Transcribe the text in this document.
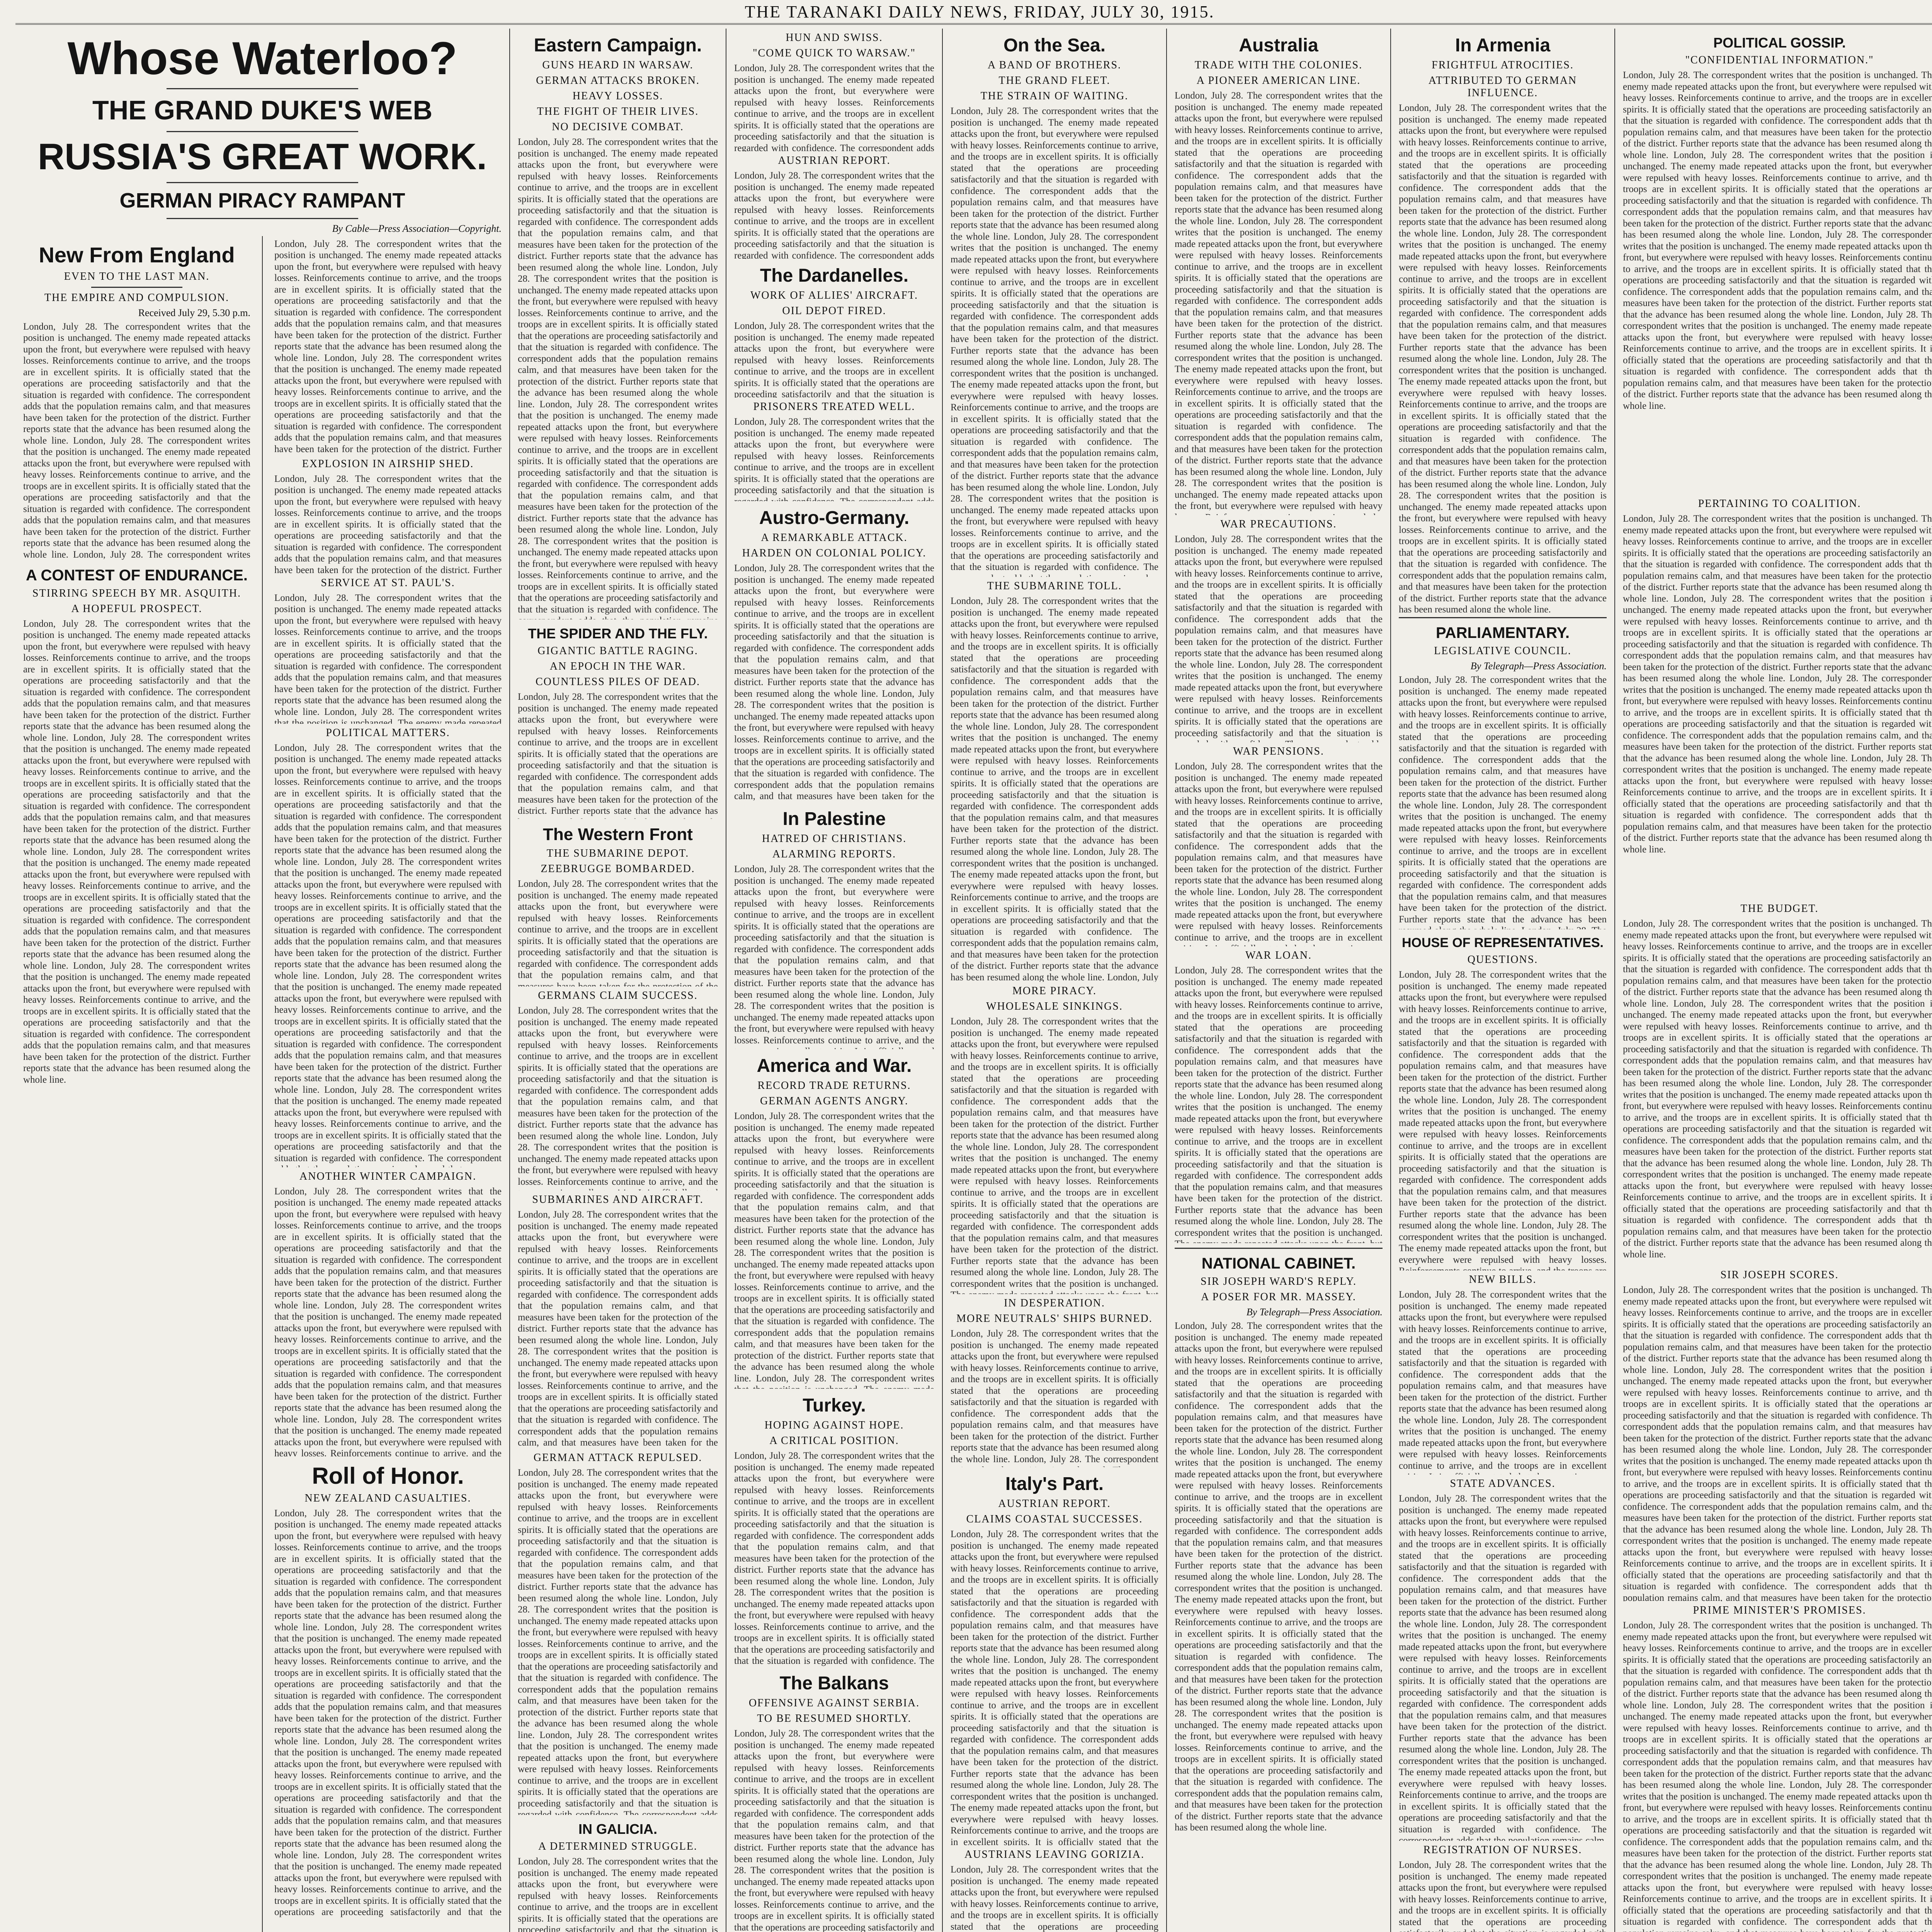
THE TARANAKI DAILY NEWS, FRIDAY, JULY 30, 1915.
Whose Waterloo?
THE GRAND DUKE'S WEB
RUSSIA'S GREAT WORK.
GERMAN PIRACY RAMPANT
By Cable—Press Association—Copyright.
New From England
EVEN TO THE LAST MAN.
THE EMPIRE AND COMPULSION.
Received July 29, 5.30 p.m.
London, July 28. The correspondent writes that the position is unchanged. The enemy made repeated attacks upon the front, but everywhere were repulsed with heavy losses. Reinforcements continue to arrive, and the troops are in excellent spirits. It is officially stated that the operations are proceeding satisfactorily and that the situation is regarded with confidence. The correspondent adds that the population remains calm, and that measures have been taken for the protection of the district. Further reports state that the advance has been resumed along the whole line. London, July 28. The correspondent writes that the position is unchanged. The enemy made repeated attacks upon the front, but everywhere were repulsed with heavy losses. Reinforcements continue to arrive, and the troops are in excellent spirits. It is officially stated that the operations are proceeding satisfactorily and that the situation is regarded with confidence. The correspondent adds that the population remains calm, and that measures have been taken for the protection of the district. Further reports state that the advance has been resumed along the whole line. London, July 28. The correspondent writes that the position is unchanged. The enemy made repeated attacks upon the front, but everywhere were repulsed with heavy losses. Reinforcements continue to arrive, and the troops are in excellent spirits. It is officially stated that the operations are proceeding satisfactorily and that the situation is regarded with confidence. The correspondent adds that the population remains calm, and that measures have been taken for the protection of the district. Further reports state that the advance has been resumed along the whole line. London, July 28. The correspondent writes that the position is unchanged. The enemy made repeated attacks upon the front, but everywhere were repulsed with heavy losses. Reinforcements continue to arrive, and the troops are in excellent spirits. It is officially stated that the operations are proceeding satisfactorily and that the situation is regarded with confidence. The correspondent adds that the population remains calm, and that measures have been taken for the protection of the district. Further reports state that the advance has been resumed along the whole line.
A CONTEST OF ENDURANCE.
STIRRING SPEECH BY MR. ASQUITH.
A HOPEFUL PROSPECT.
London, July 28. The correspondent writes that the position is unchanged. The enemy made repeated attacks upon the front, but everywhere were repulsed with heavy losses. Reinforcements continue to arrive, and the troops are in excellent spirits. It is officially stated that the operations are proceeding satisfactorily and that the situation is regarded with confidence. The correspondent adds that the population remains calm, and that measures have been taken for the protection of the district. Further reports state that the advance has been resumed along the whole line. London, July 28. The correspondent writes that the position is unchanged. The enemy made repeated attacks upon the front, but everywhere were repulsed with heavy losses. Reinforcements continue to arrive, and the troops are in excellent spirits. It is officially stated that the operations are proceeding satisfactorily and that the situation is regarded with confidence. The correspondent adds that the population remains calm, and that measures have been taken for the protection of the district. Further reports state that the advance has been resumed along the whole line. London, July 28. The correspondent writes that the position is unchanged. The enemy made repeated attacks upon the front, but everywhere were repulsed with heavy losses. Reinforcements continue to arrive, and the troops are in excellent spirits. It is officially stated that the operations are proceeding satisfactorily and that the situation is regarded with confidence. The correspondent adds that the population remains calm, and that measures have been taken for the protection of the district. Further reports state that the advance has been resumed along the whole line. London, July 28. The correspondent writes that the position is unchanged. The enemy made repeated attacks upon the front, but everywhere were repulsed with heavy losses. Reinforcements continue to arrive, and the troops are in excellent spirits. It is officially stated that the operations are proceeding satisfactorily and that the situation is regarded with confidence. The correspondent adds that the population remains calm, and that measures have been taken for the protection of the district. Further reports state that the advance has been resumed along the whole line.
London, July 28. The correspondent writes that the position is unchanged. The enemy made repeated attacks upon the front, but everywhere were repulsed with heavy losses. Reinforcements continue to arrive, and the troops are in excellent spirits. It is officially stated that the operations are proceeding satisfactorily and that the situation is regarded with confidence. The correspondent adds that the population remains calm, and that measures have been taken for the protection of the district. Further reports state that the advance has been resumed along the whole line. London, July 28. The correspondent writes that the position is unchanged. The enemy made repeated attacks upon the front, but everywhere were repulsed with heavy losses. Reinforcements continue to arrive, and the troops are in excellent spirits. It is officially stated that the operations are proceeding satisfactorily and that the situation is regarded with confidence. The correspondent adds that the population remains calm, and that measures have been taken for the protection of the district. Further reports state that the advance has been resumed along the whole line. London, July 28. The correspondent writes that the position is unchanged. The enemy made repeated attacks upon the front, but everywhere were repulsed with heavy losses. Reinforcements continue to arrive, and the troops are in excellent spirits. It is officially stated that the operations are proceeding satisfactorily and that the situation is regarded with confidence. The correspondent adds that the population remains calm, and that measures have been taken for the protection of the district. Further reports state that the advance has been resumed along the whole line. London, July 28. The correspondent writes that the position is unchanged. The enemy made repeated attacks upon the front, but everywhere were repulsed with heavy losses. Reinforcements continue to arrive, and the troops are in excellent spirits. It is officially stated that the operations are proceeding satisfactorily and that the situation is regarded with confidence. The correspondent adds that the population remains calm, and that measures have been taken for the protection of the district. Further reports state that the advance has been resumed along the whole line.
EXPLOSION IN AIRSHIP SHED.
London, July 28. The correspondent writes that the position is unchanged. The enemy made repeated attacks upon the front, but everywhere were repulsed with heavy losses. Reinforcements continue to arrive, and the troops are in excellent spirits. It is officially stated that the operations are proceeding satisfactorily and that the situation is regarded with confidence. The correspondent adds that the population remains calm, and that measures have been taken for the protection of the district. Further reports state that the advance has been resumed along the whole line. London, July 28. The correspondent writes that the position is unchanged. The enemy made repeated attacks upon the front, but everywhere were repulsed with heavy losses. Reinforcements continue to arrive, and the troops are in excellent spirits. It is officially stated that the operations are proceeding satisfactorily and that the situation is regarded with confidence. The correspondent adds that the population remains calm, and that measures have been taken for the protection of the district. Further reports state that the advance has been resumed along the whole line. London, July 28. The correspondent writes that the position is unchanged. The enemy made repeated attacks upon the front, but everywhere were repulsed with heavy losses. Reinforcements continue to arrive, and the troops are in excellent spirits. It is officially stated that the operations are proceeding satisfactorily and that the situation is regarded with confidence. The correspondent adds that the population remains calm, and that measures have been taken for the protection of the district. Further reports state that the advance has been resumed along the whole line. London, July 28. The correspondent writes that the position is unchanged. The enemy made repeated attacks upon the front, but everywhere were repulsed with heavy losses. Reinforcements continue to arrive, and the troops are in excellent spirits. It is officially stated that the operations are proceeding satisfactorily and that the situation is regarded with confidence. The correspondent adds that the population remains calm, and that measures have been taken for the protection of the district. Further reports state that the advance has been resumed along the whole line.
SERVICE AT ST. PAUL'S.
London, July 28. The correspondent writes that the position is unchanged. The enemy made repeated attacks upon the front, but everywhere were repulsed with heavy losses. Reinforcements continue to arrive, and the troops are in excellent spirits. It is officially stated that the operations are proceeding satisfactorily and that the situation is regarded with confidence. The correspondent adds that the population remains calm, and that measures have been taken for the protection of the district. Further reports state that the advance has been resumed along the whole line. London, July 28. The correspondent writes that the position is unchanged. The enemy made repeated attacks upon the front, but everywhere were repulsed with heavy losses. Reinforcements continue to arrive, and the troops are in excellent spirits. It is officially stated that the operations are proceeding satisfactorily and that the situation is regarded with confidence. The correspondent adds that the population remains calm, and that measures have been taken for the protection of the district. Further reports state that the advance has been resumed along the whole line. London, July 28. The correspondent writes that the position is unchanged. The enemy made repeated attacks upon the front, but everywhere were repulsed with heavy losses. Reinforcements continue to arrive, and the troops are in excellent spirits. It is officially stated that the operations are proceeding satisfactorily and that the situation is regarded with confidence. The correspondent adds that the population remains calm, and that measures have been taken for the protection of the district. Further reports state that the advance has been resumed along the whole line. London, July 28. The correspondent writes that the position is unchanged. The enemy made repeated attacks upon the front, but everywhere were repulsed with heavy losses. Reinforcements continue to arrive, and the troops are in excellent spirits. It is officially stated that the operations are proceeding satisfactorily and that the situation is regarded with confidence. The correspondent adds that the population remains calm, and that measures have been taken for the protection of the district. Further reports state that the advance has been resumed along the whole line.
POLITICAL MATTERS.
London, July 28. The correspondent writes that the position is unchanged. The enemy made repeated attacks upon the front, but everywhere were repulsed with heavy losses. Reinforcements continue to arrive, and the troops are in excellent spirits. It is officially stated that the operations are proceeding satisfactorily and that the situation is regarded with confidence. The correspondent adds that the population remains calm, and that measures have been taken for the protection of the district. Further reports state that the advance has been resumed along the whole line. London, July 28. The correspondent writes that the position is unchanged. The enemy made repeated attacks upon the front, but everywhere were repulsed with heavy losses. Reinforcements continue to arrive, and the troops are in excellent spirits. It is officially stated that the operations are proceeding satisfactorily and that the situation is regarded with confidence. The correspondent adds that the population remains calm, and that measures have been taken for the protection of the district. Further reports state that the advance has been resumed along the whole line. London, July 28. The correspondent writes that the position is unchanged. The enemy made repeated attacks upon the front, but everywhere were repulsed with heavy losses. Reinforcements continue to arrive, and the troops are in excellent spirits. It is officially stated that the operations are proceeding satisfactorily and that the situation is regarded with confidence. The correspondent adds that the population remains calm, and that measures have been taken for the protection of the district. Further reports state that the advance has been resumed along the whole line. London, July 28. The correspondent writes that the position is unchanged. The enemy made repeated attacks upon the front, but everywhere were repulsed with heavy losses. Reinforcements continue to arrive, and the troops are in excellent spirits. It is officially stated that the operations are proceeding satisfactorily and that the situation is regarded with confidence. The correspondent adds that the population remains calm, and that measures have been taken for the protection of the district. Further reports state that the advance has been resumed along the whole line.
ANOTHER WINTER CAMPAIGN.
London, July 28. The correspondent writes that the position is unchanged. The enemy made repeated attacks upon the front, but everywhere were repulsed with heavy losses. Reinforcements continue to arrive, and the troops are in excellent spirits. It is officially stated that the operations are proceeding satisfactorily and that the situation is regarded with confidence. The correspondent adds that the population remains calm, and that measures have been taken for the protection of the district. Further reports state that the advance has been resumed along the whole line. London, July 28. The correspondent writes that the position is unchanged. The enemy made repeated attacks upon the front, but everywhere were repulsed with heavy losses. Reinforcements continue to arrive, and the troops are in excellent spirits. It is officially stated that the operations are proceeding satisfactorily and that the situation is regarded with confidence. The correspondent adds that the population remains calm, and that measures have been taken for the protection of the district. Further reports state that the advance has been resumed along the whole line. London, July 28. The correspondent writes that the position is unchanged. The enemy made repeated attacks upon the front, but everywhere were repulsed with heavy losses. Reinforcements continue to arrive, and the troops are in excellent spirits. It is officially stated that the operations are proceeding satisfactorily and that the situation is regarded with confidence. The correspondent adds that the population remains calm, and that measures have been taken for the protection of the district. Further reports state that the advance has been resumed along the whole line. London, July 28. The correspondent writes that the position is unchanged. The enemy made repeated attacks upon the front, but everywhere were repulsed with heavy losses. Reinforcements continue to arrive, and the troops are in excellent spirits. It is officially stated that the operations are proceeding satisfactorily and that the situation is regarded with confidence. The correspondent adds that the population remains calm, and that measures have been taken for the protection of the district. Further reports state that the advance has been resumed along the whole line.
Roll of Honor.
NEW ZEALAND CASUALTIES.
London, July 28. The correspondent writes that the position is unchanged. The enemy made repeated attacks upon the front, but everywhere were repulsed with heavy losses. Reinforcements continue to arrive, and the troops are in excellent spirits. It is officially stated that the operations are proceeding satisfactorily and that the situation is regarded with confidence. The correspondent adds that the population remains calm, and that measures have been taken for the protection of the district. Further reports state that the advance has been resumed along the whole line. London, July 28. The correspondent writes that the position is unchanged. The enemy made repeated attacks upon the front, but everywhere were repulsed with heavy losses. Reinforcements continue to arrive, and the troops are in excellent spirits. It is officially stated that the operations are proceeding satisfactorily and that the situation is regarded with confidence. The correspondent adds that the population remains calm, and that measures have been taken for the protection of the district. Further reports state that the advance has been resumed along the whole line. London, July 28. The correspondent writes that the position is unchanged. The enemy made repeated attacks upon the front, but everywhere were repulsed with heavy losses. Reinforcements continue to arrive, and the troops are in excellent spirits. It is officially stated that the operations are proceeding satisfactorily and that the situation is regarded with confidence. The correspondent adds that the population remains calm, and that measures have been taken for the protection of the district. Further reports state that the advance has been resumed along the whole line. London, July 28. The correspondent writes that the position is unchanged. The enemy made repeated attacks upon the front, but everywhere were repulsed with heavy losses. Reinforcements continue to arrive, and the troops are in excellent spirits. It is officially stated that the operations are proceeding satisfactorily and that the situation is regarded with confidence. The correspondent adds that the population remains calm, and that measures have been taken for the protection of the district. Further reports state that the advance has been resumed along the whole line.
Eastern Campaign.
GUNS HEARD IN WARSAW.
GERMAN ATTACKS BROKEN.
HEAVY LOSSES.
THE FIGHT OF THEIR LIVES.
NO DECISIVE COMBAT.
London, July 28. The correspondent writes that the position is unchanged. The enemy made repeated attacks upon the front, but everywhere were repulsed with heavy losses. Reinforcements continue to arrive, and the troops are in excellent spirits. It is officially stated that the operations are proceeding satisfactorily and that the situation is regarded with confidence. The correspondent adds that the population remains calm, and that measures have been taken for the protection of the district. Further reports state that the advance has been resumed along the whole line. London, July 28. The correspondent writes that the position is unchanged. The enemy made repeated attacks upon the front, but everywhere were repulsed with heavy losses. Reinforcements continue to arrive, and the troops are in excellent spirits. It is officially stated that the operations are proceeding satisfactorily and that the situation is regarded with confidence. The correspondent adds that the population remains calm, and that measures have been taken for the protection of the district. Further reports state that the advance has been resumed along the whole line. London, July 28. The correspondent writes that the position is unchanged. The enemy made repeated attacks upon the front, but everywhere were repulsed with heavy losses. Reinforcements continue to arrive, and the troops are in excellent spirits. It is officially stated that the operations are proceeding satisfactorily and that the situation is regarded with confidence. The correspondent adds that the population remains calm, and that measures have been taken for the protection of the district. Further reports state that the advance has been resumed along the whole line. London, July 28. The correspondent writes that the position is unchanged. The enemy made repeated attacks upon the front, but everywhere were repulsed with heavy losses. Reinforcements continue to arrive, and the troops are in excellent spirits. It is officially stated that the operations are proceeding satisfactorily and that the situation is regarded with confidence. The correspondent adds that the population remains calm, and that measures have been taken for the protection of the district. Further reports state that the advance has been resumed along the whole line.
THE SPIDER AND THE FLY.
GIGANTIC BATTLE RAGING.
AN EPOCH IN THE WAR.
COUNTLESS PILES OF DEAD.
London, July 28. The correspondent writes that the position is unchanged. The enemy made repeated attacks upon the front, but everywhere were repulsed with heavy losses. Reinforcements continue to arrive, and the troops are in excellent spirits. It is officially stated that the operations are proceeding satisfactorily and that the situation is regarded with confidence. The correspondent adds that the population remains calm, and that measures have been taken for the protection of the district. Further reports state that the advance has been resumed along the whole line. London, July 28. The correspondent writes that the position is unchanged. The enemy made repeated attacks upon the front, but everywhere were repulsed with heavy losses. Reinforcements continue to arrive, and the troops are in excellent spirits. It is officially stated that the operations are proceeding satisfactorily and that the situation is regarded with confidence. The correspondent adds that the population remains calm, and that measures have been taken for the protection of the district. Further reports state that the advance has been resumed along the whole line. London, July 28. The correspondent writes that the position is unchanged. The enemy made repeated attacks upon the front, but everywhere were repulsed with heavy losses. Reinforcements continue to arrive, and the troops are in excellent spirits. It is officially stated that the operations are proceeding satisfactorily and that the situation is regarded with confidence. The correspondent adds that the population remains calm, and that measures have been taken for the protection of the district. Further reports state that the advance has been resumed along the whole line. London, July 28. The correspondent writes that the position is unchanged. The enemy made repeated attacks upon the front, but everywhere were repulsed with heavy losses. Reinforcements continue to arrive, and the troops are in excellent spirits. It is officially stated that the operations are proceeding satisfactorily and that the situation is regarded with confidence. The correspondent adds that the population remains calm, and that measures have been taken for the protection of the district. Further reports state that the advance has been resumed along the whole line.
The Western Front
THE SUBMARINE DEPOT.
ZEEBRUGGE BOMBARDED.
London, July 28. The correspondent writes that the position is unchanged. The enemy made repeated attacks upon the front, but everywhere were repulsed with heavy losses. Reinforcements continue to arrive, and the troops are in excellent spirits. It is officially stated that the operations are proceeding satisfactorily and that the situation is regarded with confidence. The correspondent adds that the population remains calm, and that measures have been taken for the protection of the district. Further reports state that the advance has been resumed along the whole line. London, July 28. The correspondent writes that the position is unchanged. The enemy made repeated attacks upon the front, but everywhere were repulsed with heavy losses. Reinforcements continue to arrive, and the troops are in excellent spirits. It is officially stated that the operations are proceeding satisfactorily and that the situation is regarded with confidence. The correspondent adds that the population remains calm, and that measures have been taken for the protection of the district. Further reports state that the advance has been resumed along the whole line. London, July 28. The correspondent writes that the position is unchanged. The enemy made repeated attacks upon the front, but everywhere were repulsed with heavy losses. Reinforcements continue to arrive, and the troops are in excellent spirits. It is officially stated that the operations are proceeding satisfactorily and that the situation is regarded with confidence. The correspondent adds that the population remains calm, and that measures have been taken for the protection of the district. Further reports state that the advance has been resumed along the whole line. London, July 28. The correspondent writes that the position is unchanged. The enemy made repeated attacks upon the front, but everywhere were repulsed with heavy losses. Reinforcements continue to arrive, and the troops are in excellent spirits. It is officially stated that the operations are proceeding satisfactorily and that the situation is regarded with confidence. The correspondent adds that the population remains calm, and that measures have been taken for the protection of the district. Further reports state that the advance has been resumed along the whole line.
GERMANS CLAIM SUCCESS.
London, July 28. The correspondent writes that the position is unchanged. The enemy made repeated attacks upon the front, but everywhere were repulsed with heavy losses. Reinforcements continue to arrive, and the troops are in excellent spirits. It is officially stated that the operations are proceeding satisfactorily and that the situation is regarded with confidence. The correspondent adds that the population remains calm, and that measures have been taken for the protection of the district. Further reports state that the advance has been resumed along the whole line. London, July 28. The correspondent writes that the position is unchanged. The enemy made repeated attacks upon the front, but everywhere were repulsed with heavy losses. Reinforcements continue to arrive, and the troops are in excellent spirits. It is officially stated that the operations are proceeding satisfactorily and that the situation is regarded with confidence. The correspondent adds that the population remains calm, and that measures have been taken for the protection of the district. Further reports state that the advance has been resumed along the whole line. London, July 28. The correspondent writes that the position is unchanged. The enemy made repeated attacks upon the front, but everywhere were repulsed with heavy losses. Reinforcements continue to arrive, and the troops are in excellent spirits. It is officially stated that the operations are proceeding satisfactorily and that the situation is regarded with confidence. The correspondent adds that the population remains calm, and that measures have been taken for the protection of the district. Further reports state that the advance has been resumed along the whole line. London, July 28. The correspondent writes that the position is unchanged. The enemy made repeated attacks upon the front, but everywhere were repulsed with heavy losses. Reinforcements continue to arrive, and the troops are in excellent spirits. It is officially stated that the operations are proceeding satisfactorily and that the situation is regarded with confidence. The correspondent adds that the population remains calm, and that measures have been taken for the protection of the district. Further reports state that the advance has been resumed along the whole line.
SUBMARINES AND AIRCRAFT.
London, July 28. The correspondent writes that the position is unchanged. The enemy made repeated attacks upon the front, but everywhere were repulsed with heavy losses. Reinforcements continue to arrive, and the troops are in excellent spirits. It is officially stated that the operations are proceeding satisfactorily and that the situation is regarded with confidence. The correspondent adds that the population remains calm, and that measures have been taken for the protection of the district. Further reports state that the advance has been resumed along the whole line. London, July 28. The correspondent writes that the position is unchanged. The enemy made repeated attacks upon the front, but everywhere were repulsed with heavy losses. Reinforcements continue to arrive, and the troops are in excellent spirits. It is officially stated that the operations are proceeding satisfactorily and that the situation is regarded with confidence. The correspondent adds that the population remains calm, and that measures have been taken for the protection of the district. Further reports state that the advance has been resumed along the whole line. London, July 28. The correspondent writes that the position is unchanged. The enemy made repeated attacks upon the front, but everywhere were repulsed with heavy losses. Reinforcements continue to arrive, and the troops are in excellent spirits. It is officially stated that the operations are proceeding satisfactorily and that the situation is regarded with confidence. The correspondent adds that the population remains calm, and that measures have been taken for the protection of the district. Further reports state that the advance has been resumed along the whole line. London, July 28. The correspondent writes that the position is unchanged. The enemy made repeated attacks upon the front, but everywhere were repulsed with heavy losses. Reinforcements continue to arrive, and the troops are in excellent spirits. It is officially stated that the operations are proceeding satisfactorily and that the situation is regarded with confidence. The correspondent adds that the population remains calm, and that measures have been taken for the protection of the district. Further reports state that the advance has been resumed along the whole line.
GERMAN ATTACK REPULSED.
London, July 28. The correspondent writes that the position is unchanged. The enemy made repeated attacks upon the front, but everywhere were repulsed with heavy losses. Reinforcements continue to arrive, and the troops are in excellent spirits. It is officially stated that the operations are proceeding satisfactorily and that the situation is regarded with confidence. The correspondent adds that the population remains calm, and that measures have been taken for the protection of the district. Further reports state that the advance has been resumed along the whole line. London, July 28. The correspondent writes that the position is unchanged. The enemy made repeated attacks upon the front, but everywhere were repulsed with heavy losses. Reinforcements continue to arrive, and the troops are in excellent spirits. It is officially stated that the operations are proceeding satisfactorily and that the situation is regarded with confidence. The correspondent adds that the population remains calm, and that measures have been taken for the protection of the district. Further reports state that the advance has been resumed along the whole line. London, July 28. The correspondent writes that the position is unchanged. The enemy made repeated attacks upon the front, but everywhere were repulsed with heavy losses. Reinforcements continue to arrive, and the troops are in excellent spirits. It is officially stated that the operations are proceeding satisfactorily and that the situation is regarded with confidence. The correspondent adds that the population remains calm, and that measures have been taken for the protection of the district. Further reports state that the advance has been resumed along the whole line. London, July 28. The correspondent writes that the position is unchanged. The enemy made repeated attacks upon the front, but everywhere were repulsed with heavy losses. Reinforcements continue to arrive, and the troops are in excellent spirits. It is officially stated that the operations are proceeding satisfactorily and that the situation is regarded with confidence. The correspondent adds that the population remains calm, and that measures have been taken for the protection of the district. Further reports state that the advance has been resumed along the whole line.
IN GALICIA.
A DETERMINED STRUGGLE.
London, July 28. The correspondent writes that the position is unchanged. The enemy made repeated attacks upon the front, but everywhere were repulsed with heavy losses. Reinforcements continue to arrive, and the troops are in excellent spirits. It is officially stated that the operations are proceeding satisfactorily and that the situation is regarded with confidence. The correspondent adds that the population remains calm, and that measures have been taken for the protection of the district. Further reports state that the advance has been resumed along the whole line. London, July 28. The correspondent writes that the position is unchanged. The enemy made repeated attacks upon the front, but everywhere were repulsed with heavy losses. Reinforcements continue to arrive, and the troops are in excellent spirits. It is officially stated that the operations are proceeding satisfactorily and that the situation is regarded with confidence. The correspondent adds that the population remains calm, and that measures have been taken for the protection of the district. Further reports state that the advance has been resumed along the whole line. London, July 28. The correspondent writes that the position is unchanged. The enemy made repeated attacks upon the front, but everywhere were repulsed with heavy losses. Reinforcements continue to arrive, and the troops are in excellent spirits. It is officially stated that the operations are proceeding satisfactorily and that the situation is regarded with confidence. The correspondent adds that the population remains calm, and that measures have been taken for the protection of the district. Further reports state that the advance has been resumed along the whole line. London, July 28. The correspondent writes that the position is unchanged. The enemy made repeated attacks upon the front, but everywhere were repulsed with heavy losses. Reinforcements continue to arrive, and the troops are in excellent spirits. It is officially stated that the operations are proceeding satisfactorily and that the situation is regarded with confidence. The correspondent adds that the population remains calm, and that measures have been taken for the protection of the district. Further reports state that the advance has been resumed along the whole line.
HUN AND SWISS.
"COME QUICK TO WARSAW."
London, July 28. The correspondent writes that the position is unchanged. The enemy made repeated attacks upon the front, but everywhere were repulsed with heavy losses. Reinforcements continue to arrive, and the troops are in excellent spirits. It is officially stated that the operations are proceeding satisfactorily and that the situation is regarded with confidence. The correspondent adds that the population remains calm, and that measures have been taken for the protection of the district. Further reports state that the advance has been resumed along the whole line. London, July 28. The correspondent writes that the position is unchanged. The enemy made repeated attacks upon the front, but everywhere were repulsed with heavy losses. Reinforcements continue to arrive, and the troops are in excellent spirits. It is officially stated that the operations are proceeding satisfactorily and that the situation is regarded with confidence. The correspondent adds that the population remains calm, and that measures have been taken for the protection of the district. Further reports state that the advance has been resumed along the whole line. London, July 28. The correspondent writes that the position is unchanged. The enemy made repeated attacks upon the front, but everywhere were repulsed with heavy losses. Reinforcements continue to arrive, and the troops are in excellent spirits. It is officially stated that the operations are proceeding satisfactorily and that the situation is regarded with confidence. The correspondent adds that the population remains calm, and that measures have been taken for the protection of the district. Further reports state that the advance has been resumed along the whole line. London, July 28. The correspondent writes that the position is unchanged. The enemy made repeated attacks upon the front, but everywhere were repulsed with heavy losses. Reinforcements continue to arrive, and the troops are in excellent spirits. It is officially stated that the operations are proceeding satisfactorily and that the situation is regarded with confidence. The correspondent adds that the population remains calm, and that measures have been taken for the protection of the district. Further reports state that the advance has been resumed along the whole line.
AUSTRIAN REPORT.
London, July 28. The correspondent writes that the position is unchanged. The enemy made repeated attacks upon the front, but everywhere were repulsed with heavy losses. Reinforcements continue to arrive, and the troops are in excellent spirits. It is officially stated that the operations are proceeding satisfactorily and that the situation is regarded with confidence. The correspondent adds that the population remains calm, and that measures have been taken for the protection of the district. Further reports state that the advance has been resumed along the whole line. London, July 28. The correspondent writes that the position is unchanged. The enemy made repeated attacks upon the front, but everywhere were repulsed with heavy losses. Reinforcements continue to arrive, and the troops are in excellent spirits. It is officially stated that the operations are proceeding satisfactorily and that the situation is regarded with confidence. The correspondent adds that the population remains calm, and that measures have been taken for the protection of the district. Further reports state that the advance has been resumed along the whole line. London, July 28. The correspondent writes that the position is unchanged. The enemy made repeated attacks upon the front, but everywhere were repulsed with heavy losses. Reinforcements continue to arrive, and the troops are in excellent spirits. It is officially stated that the operations are proceeding satisfactorily and that the situation is regarded with confidence. The correspondent adds that the population remains calm, and that measures have been taken for the protection of the district. Further reports state that the advance has been resumed along the whole line. London, July 28. The correspondent writes that the position is unchanged. The enemy made repeated attacks upon the front, but everywhere were repulsed with heavy losses. Reinforcements continue to arrive, and the troops are in excellent spirits. It is officially stated that the operations are proceeding satisfactorily and that the situation is regarded with confidence. The correspondent adds that the population remains calm, and that measures have been taken for the protection of the district. Further reports state that the advance has been resumed along the whole line.
The Dardanelles.
WORK OF ALLIES' AIRCRAFT.
OIL DEPOT FIRED.
London, July 28. The correspondent writes that the position is unchanged. The enemy made repeated attacks upon the front, but everywhere were repulsed with heavy losses. Reinforcements continue to arrive, and the troops are in excellent spirits. It is officially stated that the operations are proceeding satisfactorily and that the situation is regarded with confidence. The correspondent adds that the population remains calm, and that measures have been taken for the protection of the district. Further reports state that the advance has been resumed along the whole line. London, July 28. The correspondent writes that the position is unchanged. The enemy made repeated attacks upon the front, but everywhere were repulsed with heavy losses. Reinforcements continue to arrive, and the troops are in excellent spirits. It is officially stated that the operations are proceeding satisfactorily and that the situation is regarded with confidence. The correspondent adds that the population remains calm, and that measures have been taken for the protection of the district. Further reports state that the advance has been resumed along the whole line. London, July 28. The correspondent writes that the position is unchanged. The enemy made repeated attacks upon the front, but everywhere were repulsed with heavy losses. Reinforcements continue to arrive, and the troops are in excellent spirits. It is officially stated that the operations are proceeding satisfactorily and that the situation is regarded with confidence. The correspondent adds that the population remains calm, and that measures have been taken for the protection of the district. Further reports state that the advance has been resumed along the whole line. London, July 28. The correspondent writes that the position is unchanged. The enemy made repeated attacks upon the front, but everywhere were repulsed with heavy losses. Reinforcements continue to arrive, and the troops are in excellent spirits. It is officially stated that the operations are proceeding satisfactorily and that the situation is regarded with confidence. The correspondent adds that the population remains calm, and that measures have been taken for the protection of the district. Further reports state that the advance has been resumed along the whole line.
PRISONERS TREATED WELL.
London, July 28. The correspondent writes that the position is unchanged. The enemy made repeated attacks upon the front, but everywhere were repulsed with heavy losses. Reinforcements continue to arrive, and the troops are in excellent spirits. It is officially stated that the operations are proceeding satisfactorily and that the situation is regarded with confidence. The correspondent adds that the population remains calm, and that measures have been taken for the protection of the district. Further reports state that the advance has been resumed along the whole line. London, July 28. The correspondent writes that the position is unchanged. The enemy made repeated attacks upon the front, but everywhere were repulsed with heavy losses. Reinforcements continue to arrive, and the troops are in excellent spirits. It is officially stated that the operations are proceeding satisfactorily and that the situation is regarded with confidence. The correspondent adds that the population remains calm, and that measures have been taken for the protection of the district. Further reports state that the advance has been resumed along the whole line. London, July 28. The correspondent writes that the position is unchanged. The enemy made repeated attacks upon the front, but everywhere were repulsed with heavy losses. Reinforcements continue to arrive, and the troops are in excellent spirits. It is officially stated that the operations are proceeding satisfactorily and that the situation is regarded with confidence. The correspondent adds that the population remains calm, and that measures have been taken for the protection of the district. Further reports state that the advance has been resumed along the whole line. London, July 28. The correspondent writes that the position is unchanged. The enemy made repeated attacks upon the front, but everywhere were repulsed with heavy losses. Reinforcements continue to arrive, and the troops are in excellent spirits. It is officially stated that the operations are proceeding satisfactorily and that the situation is regarded with confidence. The correspondent adds that the population remains calm, and that measures have been taken for the protection of the district. Further reports state that the advance has been resumed along the whole line.
Austro-Germany.
A REMARKABLE ATTACK.
HARDEN ON COLONIAL POLICY.
London, July 28. The correspondent writes that the position is unchanged. The enemy made repeated attacks upon the front, but everywhere were repulsed with heavy losses. Reinforcements continue to arrive, and the troops are in excellent spirits. It is officially stated that the operations are proceeding satisfactorily and that the situation is regarded with confidence. The correspondent adds that the population remains calm, and that measures have been taken for the protection of the district. Further reports state that the advance has been resumed along the whole line. London, July 28. The correspondent writes that the position is unchanged. The enemy made repeated attacks upon the front, but everywhere were repulsed with heavy losses. Reinforcements continue to arrive, and the troops are in excellent spirits. It is officially stated that the operations are proceeding satisfactorily and that the situation is regarded with confidence. The correspondent adds that the population remains calm, and that measures have been taken for the protection of the district. Further reports state that the advance has been resumed along the whole line. London, July 28. The correspondent writes that the position is unchanged. The enemy made repeated attacks upon the front, but everywhere were repulsed with heavy losses. Reinforcements continue to arrive, and the troops are in excellent spirits. It is officially stated that the operations are proceeding satisfactorily and that the situation is regarded with confidence. The correspondent adds that the population remains calm, and that measures have been taken for the protection of the district. Further reports state that the advance has been resumed along the whole line. London, July 28. The correspondent writes that the position is unchanged. The enemy made repeated attacks upon the front, but everywhere were repulsed with heavy losses. Reinforcements continue to arrive, and the troops are in excellent spirits. It is officially stated that the operations are proceeding satisfactorily and that the situation is regarded with confidence. The correspondent adds that the population remains calm, and that measures have been taken for the protection of the district. Further reports state that the advance has been resumed along the whole line.
In Palestine
HATRED OF CHRISTIANS.
ALARMING REPORTS.
London, July 28. The correspondent writes that the position is unchanged. The enemy made repeated attacks upon the front, but everywhere were repulsed with heavy losses. Reinforcements continue to arrive, and the troops are in excellent spirits. It is officially stated that the operations are proceeding satisfactorily and that the situation is regarded with confidence. The correspondent adds that the population remains calm, and that measures have been taken for the protection of the district. Further reports state that the advance has been resumed along the whole line. London, July 28. The correspondent writes that the position is unchanged. The enemy made repeated attacks upon the front, but everywhere were repulsed with heavy losses. Reinforcements continue to arrive, and the troops are in excellent spirits. It is officially stated that the operations are proceeding satisfactorily and that the situation is regarded with confidence. The correspondent adds that the population remains calm, and that measures have been taken for the protection of the district. Further reports state that the advance has been resumed along the whole line. London, July 28. The correspondent writes that the position is unchanged. The enemy made repeated attacks upon the front, but everywhere were repulsed with heavy losses. Reinforcements continue to arrive, and the troops are in excellent spirits. It is officially stated that the operations are proceeding satisfactorily and that the situation is regarded with confidence. The correspondent adds that the population remains calm, and that measures have been taken for the protection of the district. Further reports state that the advance has been resumed along the whole line. London, July 28. The correspondent writes that the position is unchanged. The enemy made repeated attacks upon the front, but everywhere were repulsed with heavy losses. Reinforcements continue to arrive, and the troops are in excellent spirits. It is officially stated that the operations are proceeding satisfactorily and that the situation is regarded with confidence. The correspondent adds that the population remains calm, and that measures have been taken for the protection of the district. Further reports state that the advance has been resumed along the whole line.
America and War.
RECORD TRADE RETURNS.
GERMAN AGENTS ANGRY.
London, July 28. The correspondent writes that the position is unchanged. The enemy made repeated attacks upon the front, but everywhere were repulsed with heavy losses. Reinforcements continue to arrive, and the troops are in excellent spirits. It is officially stated that the operations are proceeding satisfactorily and that the situation is regarded with confidence. The correspondent adds that the population remains calm, and that measures have been taken for the protection of the district. Further reports state that the advance has been resumed along the whole line. London, July 28. The correspondent writes that the position is unchanged. The enemy made repeated attacks upon the front, but everywhere were repulsed with heavy losses. Reinforcements continue to arrive, and the troops are in excellent spirits. It is officially stated that the operations are proceeding satisfactorily and that the situation is regarded with confidence. The correspondent adds that the population remains calm, and that measures have been taken for the protection of the district. Further reports state that the advance has been resumed along the whole line. London, July 28. The correspondent writes that the position is unchanged. The enemy made repeated attacks upon the front, but everywhere were repulsed with heavy losses. Reinforcements continue to arrive, and the troops are in excellent spirits. It is officially stated that the operations are proceeding satisfactorily and that the situation is regarded with confidence. The correspondent adds that the population remains calm, and that measures have been taken for the protection of the district. Further reports state that the advance has been resumed along the whole line. London, July 28. The correspondent writes that the position is unchanged. The enemy made repeated attacks upon the front, but everywhere were repulsed with heavy losses. Reinforcements continue to arrive, and the troops are in excellent spirits. It is officially stated that the operations are proceeding satisfactorily and that the situation is regarded with confidence. The correspondent adds that the population remains calm, and that measures have been taken for the protection of the district. Further reports state that the advance has been resumed along the whole line.
Turkey.
HOPING AGAINST HOPE.
A CRITICAL POSITION.
London, July 28. The correspondent writes that the position is unchanged. The enemy made repeated attacks upon the front, but everywhere were repulsed with heavy losses. Reinforcements continue to arrive, and the troops are in excellent spirits. It is officially stated that the operations are proceeding satisfactorily and that the situation is regarded with confidence. The correspondent adds that the population remains calm, and that measures have been taken for the protection of the district. Further reports state that the advance has been resumed along the whole line. London, July 28. The correspondent writes that the position is unchanged. The enemy made repeated attacks upon the front, but everywhere were repulsed with heavy losses. Reinforcements continue to arrive, and the troops are in excellent spirits. It is officially stated that the operations are proceeding satisfactorily and that the situation is regarded with confidence. The correspondent adds that the population remains calm, and that measures have been taken for the protection of the district. Further reports state that the advance has been resumed along the whole line. London, July 28. The correspondent writes that the position is unchanged. The enemy made repeated attacks upon the front, but everywhere were repulsed with heavy losses. Reinforcements continue to arrive, and the troops are in excellent spirits. It is officially stated that the operations are proceeding satisfactorily and that the situation is regarded with confidence. The correspondent adds that the population remains calm, and that measures have been taken for the protection of the district. Further reports state that the advance has been resumed along the whole line. London, July 28. The correspondent writes that the position is unchanged. The enemy made repeated attacks upon the front, but everywhere were repulsed with heavy losses. Reinforcements continue to arrive, and the troops are in excellent spirits. It is officially stated that the operations are proceeding satisfactorily and that the situation is regarded with confidence. The correspondent adds that the population remains calm, and that measures have been taken for the protection of the district. Further reports state that the advance has been resumed along the whole line.
The Balkans
OFFENSIVE AGAINST SERBIA.
TO BE RESUMED SHORTLY.
London, July 28. The correspondent writes that the position is unchanged. The enemy made repeated attacks upon the front, but everywhere were repulsed with heavy losses. Reinforcements continue to arrive, and the troops are in excellent spirits. It is officially stated that the operations are proceeding satisfactorily and that the situation is regarded with confidence. The correspondent adds that the population remains calm, and that measures have been taken for the protection of the district. Further reports state that the advance has been resumed along the whole line. London, July 28. The correspondent writes that the position is unchanged. The enemy made repeated attacks upon the front, but everywhere were repulsed with heavy losses. Reinforcements continue to arrive, and the troops are in excellent spirits. It is officially stated that the operations are proceeding satisfactorily and that the situation is regarded with confidence. The correspondent adds that the population remains calm, and that measures have been taken for the protection of the district. Further reports state that the advance has been resumed along the whole line. London, July 28. The correspondent writes that the position is unchanged. The enemy made repeated attacks upon the front, but everywhere were repulsed with heavy losses. Reinforcements continue to arrive, and the troops are in excellent spirits. It is officially stated that the operations are proceeding satisfactorily and that the situation is regarded with confidence. The correspondent adds that the population remains calm, and that measures have been taken for the protection of the district. Further reports state that the advance has been resumed along the whole line. London, July 28. The correspondent writes that the position is unchanged. The enemy made repeated attacks upon the front, but everywhere were repulsed with heavy losses. Reinforcements continue to arrive, and the troops are in excellent spirits. It is officially stated that the operations are proceeding satisfactorily and that the situation is regarded with confidence. The correspondent adds that the population remains calm, and that measures have been taken for the protection of the district. Further reports state that the advance has been resumed along the whole line.
On the Sea.
A BAND OF BROTHERS.
THE GRAND FLEET.
THE STRAIN OF WAITING.
London, July 28. The correspondent writes that the position is unchanged. The enemy made repeated attacks upon the front, but everywhere were repulsed with heavy losses. Reinforcements continue to arrive, and the troops are in excellent spirits. It is officially stated that the operations are proceeding satisfactorily and that the situation is regarded with confidence. The correspondent adds that the population remains calm, and that measures have been taken for the protection of the district. Further reports state that the advance has been resumed along the whole line. London, July 28. The correspondent writes that the position is unchanged. The enemy made repeated attacks upon the front, but everywhere were repulsed with heavy losses. Reinforcements continue to arrive, and the troops are in excellent spirits. It is officially stated that the operations are proceeding satisfactorily and that the situation is regarded with confidence. The correspondent adds that the population remains calm, and that measures have been taken for the protection of the district. Further reports state that the advance has been resumed along the whole line. London, July 28. The correspondent writes that the position is unchanged. The enemy made repeated attacks upon the front, but everywhere were repulsed with heavy losses. Reinforcements continue to arrive, and the troops are in excellent spirits. It is officially stated that the operations are proceeding satisfactorily and that the situation is regarded with confidence. The correspondent adds that the population remains calm, and that measures have been taken for the protection of the district. Further reports state that the advance has been resumed along the whole line. London, July 28. The correspondent writes that the position is unchanged. The enemy made repeated attacks upon the front, but everywhere were repulsed with heavy losses. Reinforcements continue to arrive, and the troops are in excellent spirits. It is officially stated that the operations are proceeding satisfactorily and that the situation is regarded with confidence. The correspondent adds that the population remains calm, and that measures have been taken for the protection of the district. Further reports state that the advance has been resumed along the whole line.
THE SUBMARINE TOLL.
London, July 28. The correspondent writes that the position is unchanged. The enemy made repeated attacks upon the front, but everywhere were repulsed with heavy losses. Reinforcements continue to arrive, and the troops are in excellent spirits. It is officially stated that the operations are proceeding satisfactorily and that the situation is regarded with confidence. The correspondent adds that the population remains calm, and that measures have been taken for the protection of the district. Further reports state that the advance has been resumed along the whole line. London, July 28. The correspondent writes that the position is unchanged. The enemy made repeated attacks upon the front, but everywhere were repulsed with heavy losses. Reinforcements continue to arrive, and the troops are in excellent spirits. It is officially stated that the operations are proceeding satisfactorily and that the situation is regarded with confidence. The correspondent adds that the population remains calm, and that measures have been taken for the protection of the district. Further reports state that the advance has been resumed along the whole line. London, July 28. The correspondent writes that the position is unchanged. The enemy made repeated attacks upon the front, but everywhere were repulsed with heavy losses. Reinforcements continue to arrive, and the troops are in excellent spirits. It is officially stated that the operations are proceeding satisfactorily and that the situation is regarded with confidence. The correspondent adds that the population remains calm, and that measures have been taken for the protection of the district. Further reports state that the advance has been resumed along the whole line. London, July 28. The correspondent writes that the position is unchanged. The enemy made repeated attacks upon the front, but everywhere were repulsed with heavy losses. Reinforcements continue to arrive, and the troops are in excellent spirits. It is officially stated that the operations are proceeding satisfactorily and that the situation is regarded with confidence. The correspondent adds that the population remains calm, and that measures have been taken for the protection of the district. Further reports state that the advance has been resumed along the whole line.
MORE PIRACY.
WHOLESALE SINKINGS.
London, July 28. The correspondent writes that the position is unchanged. The enemy made repeated attacks upon the front, but everywhere were repulsed with heavy losses. Reinforcements continue to arrive, and the troops are in excellent spirits. It is officially stated that the operations are proceeding satisfactorily and that the situation is regarded with confidence. The correspondent adds that the population remains calm, and that measures have been taken for the protection of the district. Further reports state that the advance has been resumed along the whole line. London, July 28. The correspondent writes that the position is unchanged. The enemy made repeated attacks upon the front, but everywhere were repulsed with heavy losses. Reinforcements continue to arrive, and the troops are in excellent spirits. It is officially stated that the operations are proceeding satisfactorily and that the situation is regarded with confidence. The correspondent adds that the population remains calm, and that measures have been taken for the protection of the district. Further reports state that the advance has been resumed along the whole line. London, July 28. The correspondent writes that the position is unchanged. The enemy made repeated attacks upon the front, but everywhere were repulsed with heavy losses. Reinforcements continue to arrive, and the troops are in excellent spirits. It is officially stated that the operations are proceeding satisfactorily and that the situation is regarded with confidence. The correspondent adds that the population remains calm, and that measures have been taken for the protection of the district. Further reports state that the advance has been resumed along the whole line. London, July 28. The correspondent writes that the position is unchanged. The enemy made repeated attacks upon the front, but everywhere were repulsed with heavy losses. Reinforcements continue to arrive, and the troops are in excellent spirits. It is officially stated that the operations are proceeding satisfactorily and that the situation is regarded with confidence. The correspondent adds that the population remains calm, and that measures have been taken for the protection of the district. Further reports state that the advance has been resumed along the whole line.
IN DESPERATION.
MORE NEUTRALS' SHIPS BURNED.
London, July 28. The correspondent writes that the position is unchanged. The enemy made repeated attacks upon the front, but everywhere were repulsed with heavy losses. Reinforcements continue to arrive, and the troops are in excellent spirits. It is officially stated that the operations are proceeding satisfactorily and that the situation is regarded with confidence. The correspondent adds that the population remains calm, and that measures have been taken for the protection of the district. Further reports state that the advance has been resumed along the whole line. London, July 28. The correspondent writes that the position is unchanged. The enemy made repeated attacks upon the front, but everywhere were repulsed with heavy losses. Reinforcements continue to arrive, and the troops are in excellent spirits. It is officially stated that the operations are proceeding satisfactorily and that the situation is regarded with confidence. The correspondent adds that the population remains calm, and that measures have been taken for the protection of the district. Further reports state that the advance has been resumed along the whole line. London, July 28. The correspondent writes that the position is unchanged. The enemy made repeated attacks upon the front, but everywhere were repulsed with heavy losses. Reinforcements continue to arrive, and the troops are in excellent spirits. It is officially stated that the operations are proceeding satisfactorily and that the situation is regarded with confidence. The correspondent adds that the population remains calm, and that measures have been taken for the protection of the district. Further reports state that the advance has been resumed along the whole line. London, July 28. The correspondent writes that the position is unchanged. The enemy made repeated attacks upon the front, but everywhere were repulsed with heavy losses. Reinforcements continue to arrive, and the troops are in excellent spirits. It is officially stated that the operations are proceeding satisfactorily and that the situation is regarded with confidence. The correspondent adds that the population remains calm, and that measures have been taken for the protection of the district. Further reports state that the advance has been resumed along the whole line.
Italy's Part.
AUSTRIAN REPORT.
CLAIMS COASTAL SUCCESSES.
London, July 28. The correspondent writes that the position is unchanged. The enemy made repeated attacks upon the front, but everywhere were repulsed with heavy losses. Reinforcements continue to arrive, and the troops are in excellent spirits. It is officially stated that the operations are proceeding satisfactorily and that the situation is regarded with confidence. The correspondent adds that the population remains calm, and that measures have been taken for the protection of the district. Further reports state that the advance has been resumed along the whole line. London, July 28. The correspondent writes that the position is unchanged. The enemy made repeated attacks upon the front, but everywhere were repulsed with heavy losses. Reinforcements continue to arrive, and the troops are in excellent spirits. It is officially stated that the operations are proceeding satisfactorily and that the situation is regarded with confidence. The correspondent adds that the population remains calm, and that measures have been taken for the protection of the district. Further reports state that the advance has been resumed along the whole line. London, July 28. The correspondent writes that the position is unchanged. The enemy made repeated attacks upon the front, but everywhere were repulsed with heavy losses. Reinforcements continue to arrive, and the troops are in excellent spirits. It is officially stated that the operations are proceeding satisfactorily and that the situation is regarded with confidence. The correspondent adds that the population remains calm, and that measures have been taken for the protection of the district. Further reports state that the advance has been resumed along the whole line. London, July 28. The correspondent writes that the position is unchanged. The enemy made repeated attacks upon the front, but everywhere were repulsed with heavy losses. Reinforcements continue to arrive, and the troops are in excellent spirits. It is officially stated that the operations are proceeding satisfactorily and that the situation is regarded with confidence. The correspondent adds that the population remains calm, and that measures have been taken for the protection of the district. Further reports state that the advance has been resumed along the whole line.
AUSTRIANS LEAVING GORIZIA.
London, July 28. The correspondent writes that the position is unchanged. The enemy made repeated attacks upon the front, but everywhere were repulsed with heavy losses. Reinforcements continue to arrive, and the troops are in excellent spirits. It is officially stated that the operations are proceeding satisfactorily and that the situation is regarded with confidence. The correspondent adds that the population remains calm, and that measures have been taken for the protection of the district. Further reports state that the advance has been resumed along the whole line. London, July 28. The correspondent writes that the position is unchanged. The enemy made repeated attacks upon the front, but everywhere were repulsed with heavy losses. Reinforcements continue to arrive, and the troops are in excellent spirits. It is officially stated that the operations are proceeding satisfactorily and that the situation is regarded with confidence. The correspondent adds that the population remains calm, and that measures have been taken for the protection of the district. Further reports state that the advance has been resumed along the whole line. London, July 28. The correspondent writes that the position is unchanged. The enemy made repeated attacks upon the front, but everywhere were repulsed with heavy losses. Reinforcements continue to arrive, and the troops are in excellent spirits. It is officially stated that the operations are proceeding satisfactorily and that the situation is regarded with confidence. The correspondent adds that the population remains calm, and that measures have been taken for the protection of the district. Further reports state that the advance has been resumed along the whole line. London, July 28. The correspondent writes that the position is unchanged. The enemy made repeated attacks upon the front, but everywhere were repulsed with heavy losses. Reinforcements continue to arrive, and the troops are in excellent spirits. It is officially stated that the operations are proceeding satisfactorily and that the situation is regarded with confidence. The correspondent adds that the population remains calm, and that measures have been taken for the protection of the district. Further reports state that the advance has been resumed along the whole line.
Australia
TRADE WITH THE COLONIES.
A PIONEER AMERICAN LINE.
London, July 28. The correspondent writes that the position is unchanged. The enemy made repeated attacks upon the front, but everywhere were repulsed with heavy losses. Reinforcements continue to arrive, and the troops are in excellent spirits. It is officially stated that the operations are proceeding satisfactorily and that the situation is regarded with confidence. The correspondent adds that the population remains calm, and that measures have been taken for the protection of the district. Further reports state that the advance has been resumed along the whole line. London, July 28. The correspondent writes that the position is unchanged. The enemy made repeated attacks upon the front, but everywhere were repulsed with heavy losses. Reinforcements continue to arrive, and the troops are in excellent spirits. It is officially stated that the operations are proceeding satisfactorily and that the situation is regarded with confidence. The correspondent adds that the population remains calm, and that measures have been taken for the protection of the district. Further reports state that the advance has been resumed along the whole line. London, July 28. The correspondent writes that the position is unchanged. The enemy made repeated attacks upon the front, but everywhere were repulsed with heavy losses. Reinforcements continue to arrive, and the troops are in excellent spirits. It is officially stated that the operations are proceeding satisfactorily and that the situation is regarded with confidence. The correspondent adds that the population remains calm, and that measures have been taken for the protection of the district. Further reports state that the advance has been resumed along the whole line. London, July 28. The correspondent writes that the position is unchanged. The enemy made repeated attacks upon the front, but everywhere were repulsed with heavy losses. Reinforcements continue to arrive, and the troops are in excellent spirits. It is officially stated that the operations are proceeding satisfactorily and that the situation is regarded with confidence. The correspondent adds that the population remains calm, and that measures have been taken for the protection of the district. Further reports state that the advance has been resumed along the whole line.
WAR PRECAUTIONS.
London, July 28. The correspondent writes that the position is unchanged. The enemy made repeated attacks upon the front, but everywhere were repulsed with heavy losses. Reinforcements continue to arrive, and the troops are in excellent spirits. It is officially stated that the operations are proceeding satisfactorily and that the situation is regarded with confidence. The correspondent adds that the population remains calm, and that measures have been taken for the protection of the district. Further reports state that the advance has been resumed along the whole line. London, July 28. The correspondent writes that the position is unchanged. The enemy made repeated attacks upon the front, but everywhere were repulsed with heavy losses. Reinforcements continue to arrive, and the troops are in excellent spirits. It is officially stated that the operations are proceeding satisfactorily and that the situation is regarded with confidence. The correspondent adds that the population remains calm, and that measures have been taken for the protection of the district. Further reports state that the advance has been resumed along the whole line. London, July 28. The correspondent writes that the position is unchanged. The enemy made repeated attacks upon the front, but everywhere were repulsed with heavy losses. Reinforcements continue to arrive, and the troops are in excellent spirits. It is officially stated that the operations are proceeding satisfactorily and that the situation is regarded with confidence. The correspondent adds that the population remains calm, and that measures have been taken for the protection of the district. Further reports state that the advance has been resumed along the whole line. London, July 28. The correspondent writes that the position is unchanged. The enemy made repeated attacks upon the front, but everywhere were repulsed with heavy losses. Reinforcements continue to arrive, and the troops are in excellent spirits. It is officially stated that the operations are proceeding satisfactorily and that the situation is regarded with confidence. The correspondent adds that the population remains calm, and that measures have been taken for the protection of the district. Further reports state that the advance has been resumed along the whole line.
WAR PENSIONS.
London, July 28. The correspondent writes that the position is unchanged. The enemy made repeated attacks upon the front, but everywhere were repulsed with heavy losses. Reinforcements continue to arrive, and the troops are in excellent spirits. It is officially stated that the operations are proceeding satisfactorily and that the situation is regarded with confidence. The correspondent adds that the population remains calm, and that measures have been taken for the protection of the district. Further reports state that the advance has been resumed along the whole line. London, July 28. The correspondent writes that the position is unchanged. The enemy made repeated attacks upon the front, but everywhere were repulsed with heavy losses. Reinforcements continue to arrive, and the troops are in excellent spirits. It is officially stated that the operations are proceeding satisfactorily and that the situation is regarded with confidence. The correspondent adds that the population remains calm, and that measures have been taken for the protection of the district. Further reports state that the advance has been resumed along the whole line. London, July 28. The correspondent writes that the position is unchanged. The enemy made repeated attacks upon the front, but everywhere were repulsed with heavy losses. Reinforcements continue to arrive, and the troops are in excellent spirits. It is officially stated that the operations are proceeding satisfactorily and that the situation is regarded with confidence. The correspondent adds that the population remains calm, and that measures have been taken for the protection of the district. Further reports state that the advance has been resumed along the whole line. London, July 28. The correspondent writes that the position is unchanged. The enemy made repeated attacks upon the front, but everywhere were repulsed with heavy losses. Reinforcements continue to arrive, and the troops are in excellent spirits. It is officially stated that the operations are proceeding satisfactorily and that the situation is regarded with confidence. The correspondent adds that the population remains calm, and that measures have been taken for the protection of the district. Further reports state that the advance has been resumed along the whole line.
WAR LOAN.
London, July 28. The correspondent writes that the position is unchanged. The enemy made repeated attacks upon the front, but everywhere were repulsed with heavy losses. Reinforcements continue to arrive, and the troops are in excellent spirits. It is officially stated that the operations are proceeding satisfactorily and that the situation is regarded with confidence. The correspondent adds that the population remains calm, and that measures have been taken for the protection of the district. Further reports state that the advance has been resumed along the whole line. London, July 28. The correspondent writes that the position is unchanged. The enemy made repeated attacks upon the front, but everywhere were repulsed with heavy losses. Reinforcements continue to arrive, and the troops are in excellent spirits. It is officially stated that the operations are proceeding satisfactorily and that the situation is regarded with confidence. The correspondent adds that the population remains calm, and that measures have been taken for the protection of the district. Further reports state that the advance has been resumed along the whole line. London, July 28. The correspondent writes that the position is unchanged. The enemy made repeated attacks upon the front, but everywhere were repulsed with heavy losses. Reinforcements continue to arrive, and the troops are in excellent spirits. It is officially stated that the operations are proceeding satisfactorily and that the situation is regarded with confidence. The correspondent adds that the population remains calm, and that measures have been taken for the protection of the district. Further reports state that the advance has been resumed along the whole line. London, July 28. The correspondent writes that the position is unchanged. The enemy made repeated attacks upon the front, but everywhere were repulsed with heavy losses. Reinforcements continue to arrive, and the troops are in excellent spirits. It is officially stated that the operations are proceeding satisfactorily and that the situation is regarded with confidence. The correspondent adds that the population remains calm, and that measures have been taken for the protection of the district. Further reports state that the advance has been resumed along the whole line.
NATIONAL CABINET.
SIR JOSEPH WARD'S REPLY.
A POSER FOR MR. MASSEY.
By Telegraph—Press Association.
London, July 28. The correspondent writes that the position is unchanged. The enemy made repeated attacks upon the front, but everywhere were repulsed with heavy losses. Reinforcements continue to arrive, and the troops are in excellent spirits. It is officially stated that the operations are proceeding satisfactorily and that the situation is regarded with confidence. The correspondent adds that the population remains calm, and that measures have been taken for the protection of the district. Further reports state that the advance has been resumed along the whole line. London, July 28. The correspondent writes that the position is unchanged. The enemy made repeated attacks upon the front, but everywhere were repulsed with heavy losses. Reinforcements continue to arrive, and the troops are in excellent spirits. It is officially stated that the operations are proceeding satisfactorily and that the situation is regarded with confidence. The correspondent adds that the population remains calm, and that measures have been taken for the protection of the district. Further reports state that the advance has been resumed along the whole line. London, July 28. The correspondent writes that the position is unchanged. The enemy made repeated attacks upon the front, but everywhere were repulsed with heavy losses. Reinforcements continue to arrive, and the troops are in excellent spirits. It is officially stated that the operations are proceeding satisfactorily and that the situation is regarded with confidence. The correspondent adds that the population remains calm, and that measures have been taken for the protection of the district. Further reports state that the advance has been resumed along the whole line. London, July 28. The correspondent writes that the position is unchanged. The enemy made repeated attacks upon the front, but everywhere were repulsed with heavy losses. Reinforcements continue to arrive, and the troops are in excellent spirits. It is officially stated that the operations are proceeding satisfactorily and that the situation is regarded with confidence. The correspondent adds that the population remains calm, and that measures have been taken for the protection of the district. Further reports state that the advance has been resumed along the whole line.
In Armenia
FRIGHTFUL ATROCITIES.
ATTRIBUTED TO GERMAN INFLUENCE.
London, July 28. The correspondent writes that the position is unchanged. The enemy made repeated attacks upon the front, but everywhere were repulsed with heavy losses. Reinforcements continue to arrive, and the troops are in excellent spirits. It is officially stated that the operations are proceeding satisfactorily and that the situation is regarded with confidence. The correspondent adds that the population remains calm, and that measures have been taken for the protection of the district. Further reports state that the advance has been resumed along the whole line. London, July 28. The correspondent writes that the position is unchanged. The enemy made repeated attacks upon the front, but everywhere were repulsed with heavy losses. Reinforcements continue to arrive, and the troops are in excellent spirits. It is officially stated that the operations are proceeding satisfactorily and that the situation is regarded with confidence. The correspondent adds that the population remains calm, and that measures have been taken for the protection of the district. Further reports state that the advance has been resumed along the whole line. London, July 28. The correspondent writes that the position is unchanged. The enemy made repeated attacks upon the front, but everywhere were repulsed with heavy losses. Reinforcements continue to arrive, and the troops are in excellent spirits. It is officially stated that the operations are proceeding satisfactorily and that the situation is regarded with confidence. The correspondent adds that the population remains calm, and that measures have been taken for the protection of the district. Further reports state that the advance has been resumed along the whole line. London, July 28. The correspondent writes that the position is unchanged. The enemy made repeated attacks upon the front, but everywhere were repulsed with heavy losses. Reinforcements continue to arrive, and the troops are in excellent spirits. It is officially stated that the operations are proceeding satisfactorily and that the situation is regarded with confidence. The correspondent adds that the population remains calm, and that measures have been taken for the protection of the district. Further reports state that the advance has been resumed along the whole line.
PARLIAMENTARY.
LEGISLATIVE COUNCIL.
By Telegraph—Press Association.
London, July 28. The correspondent writes that the position is unchanged. The enemy made repeated attacks upon the front, but everywhere were repulsed with heavy losses. Reinforcements continue to arrive, and the troops are in excellent spirits. It is officially stated that the operations are proceeding satisfactorily and that the situation is regarded with confidence. The correspondent adds that the population remains calm, and that measures have been taken for the protection of the district. Further reports state that the advance has been resumed along the whole line. London, July 28. The correspondent writes that the position is unchanged. The enemy made repeated attacks upon the front, but everywhere were repulsed with heavy losses. Reinforcements continue to arrive, and the troops are in excellent spirits. It is officially stated that the operations are proceeding satisfactorily and that the situation is regarded with confidence. The correspondent adds that the population remains calm, and that measures have been taken for the protection of the district. Further reports state that the advance has been resumed along the whole line. London, July 28. The correspondent writes that the position is unchanged. The enemy made repeated attacks upon the front, but everywhere were repulsed with heavy losses. Reinforcements continue to arrive, and the troops are in excellent spirits. It is officially stated that the operations are proceeding satisfactorily and that the situation is regarded with confidence. The correspondent adds that the population remains calm, and that measures have been taken for the protection of the district. Further reports state that the advance has been resumed along the whole line. London, July 28. The correspondent writes that the position is unchanged. The enemy made repeated attacks upon the front, but everywhere were repulsed with heavy losses. Reinforcements continue to arrive, and the troops are in excellent spirits. It is officially stated that the operations are proceeding satisfactorily and that the situation is regarded with confidence. The correspondent adds that the population remains calm, and that measures have been taken for the protection of the district. Further reports state that the advance has been resumed along the whole line.
HOUSE OF REPRESENTATIVES.
QUESTIONS.
London, July 28. The correspondent writes that the position is unchanged. The enemy made repeated attacks upon the front, but everywhere were repulsed with heavy losses. Reinforcements continue to arrive, and the troops are in excellent spirits. It is officially stated that the operations are proceeding satisfactorily and that the situation is regarded with confidence. The correspondent adds that the population remains calm, and that measures have been taken for the protection of the district. Further reports state that the advance has been resumed along the whole line. London, July 28. The correspondent writes that the position is unchanged. The enemy made repeated attacks upon the front, but everywhere were repulsed with heavy losses. Reinforcements continue to arrive, and the troops are in excellent spirits. It is officially stated that the operations are proceeding satisfactorily and that the situation is regarded with confidence. The correspondent adds that the population remains calm, and that measures have been taken for the protection of the district. Further reports state that the advance has been resumed along the whole line. London, July 28. The correspondent writes that the position is unchanged. The enemy made repeated attacks upon the front, but everywhere were repulsed with heavy losses. Reinforcements continue to arrive, and the troops are in excellent spirits. It is officially stated that the operations are proceeding satisfactorily and that the situation is regarded with confidence. The correspondent adds that the population remains calm, and that measures have been taken for the protection of the district. Further reports state that the advance has been resumed along the whole line. London, July 28. The correspondent writes that the position is unchanged. The enemy made repeated attacks upon the front, but everywhere were repulsed with heavy losses. Reinforcements continue to arrive, and the troops are in excellent spirits. It is officially stated that the operations are proceeding satisfactorily and that the situation is regarded with confidence. The correspondent adds that the population remains calm, and that measures have been taken for the protection of the district. Further reports state that the advance has been resumed along the whole line.
NEW BILLS.
London, July 28. The correspondent writes that the position is unchanged. The enemy made repeated attacks upon the front, but everywhere were repulsed with heavy losses. Reinforcements continue to arrive, and the troops are in excellent spirits. It is officially stated that the operations are proceeding satisfactorily and that the situation is regarded with confidence. The correspondent adds that the population remains calm, and that measures have been taken for the protection of the district. Further reports state that the advance has been resumed along the whole line. London, July 28. The correspondent writes that the position is unchanged. The enemy made repeated attacks upon the front, but everywhere were repulsed with heavy losses. Reinforcements continue to arrive, and the troops are in excellent spirits. It is officially stated that the operations are proceeding satisfactorily and that the situation is regarded with confidence. The correspondent adds that the population remains calm, and that measures have been taken for the protection of the district. Further reports state that the advance has been resumed along the whole line. London, July 28. The correspondent writes that the position is unchanged. The enemy made repeated attacks upon the front, but everywhere were repulsed with heavy losses. Reinforcements continue to arrive, and the troops are in excellent spirits. It is officially stated that the operations are proceeding satisfactorily and that the situation is regarded with confidence. The correspondent adds that the population remains calm, and that measures have been taken for the protection of the district. Further reports state that the advance has been resumed along the whole line. London, July 28. The correspondent writes that the position is unchanged. The enemy made repeated attacks upon the front, but everywhere were repulsed with heavy losses. Reinforcements continue to arrive, and the troops are in excellent spirits. It is officially stated that the operations are proceeding satisfactorily and that the situation is regarded with confidence. The correspondent adds that the population remains calm, and that measures have been taken for the protection of the district. Further reports state that the advance has been resumed along the whole line.
STATE ADVANCES.
London, July 28. The correspondent writes that the position is unchanged. The enemy made repeated attacks upon the front, but everywhere were repulsed with heavy losses. Reinforcements continue to arrive, and the troops are in excellent spirits. It is officially stated that the operations are proceeding satisfactorily and that the situation is regarded with confidence. The correspondent adds that the population remains calm, and that measures have been taken for the protection of the district. Further reports state that the advance has been resumed along the whole line. London, July 28. The correspondent writes that the position is unchanged. The enemy made repeated attacks upon the front, but everywhere were repulsed with heavy losses. Reinforcements continue to arrive, and the troops are in excellent spirits. It is officially stated that the operations are proceeding satisfactorily and that the situation is regarded with confidence. The correspondent adds that the population remains calm, and that measures have been taken for the protection of the district. Further reports state that the advance has been resumed along the whole line. London, July 28. The correspondent writes that the position is unchanged. The enemy made repeated attacks upon the front, but everywhere were repulsed with heavy losses. Reinforcements continue to arrive, and the troops are in excellent spirits. It is officially stated that the operations are proceeding satisfactorily and that the situation is regarded with confidence. The correspondent adds that the population remains calm, and that measures have been taken for the protection of the district. Further reports state that the advance has been resumed along the whole line. London, July 28. The correspondent writes that the position is unchanged. The enemy made repeated attacks upon the front, but everywhere were repulsed with heavy losses. Reinforcements continue to arrive, and the troops are in excellent spirits. It is officially stated that the operations are proceeding satisfactorily and that the situation is regarded with confidence. The correspondent adds that the population remains calm, and that measures have been taken for the protection of the district. Further reports state that the advance has been resumed along the whole line.
REGISTRATION OF NURSES.
London, July 28. The correspondent writes that the position is unchanged. The enemy made repeated attacks upon the front, but everywhere were repulsed with heavy losses. Reinforcements continue to arrive, and the troops are in excellent spirits. It is officially stated that the operations are proceeding satisfactorily and that the situation is regarded with confidence. The correspondent adds that the population remains calm, and that measures have been taken for the protection of the district. Further reports state that the advance has been resumed along the whole line. London, July 28. The correspondent writes that the position is unchanged. The enemy made repeated attacks upon the front, but everywhere were repulsed with heavy losses. Reinforcements continue to arrive, and the troops are in excellent spirits. It is officially stated that the operations are proceeding satisfactorily and that the situation is regarded with confidence. The correspondent adds that the population remains calm, and that measures have been taken for the protection of the district. Further reports state that the advance has been resumed along the whole line. London, July 28. The correspondent writes that the position is unchanged. The enemy made repeated attacks upon the front, but everywhere were repulsed with heavy losses. Reinforcements continue to arrive, and the troops are in excellent spirits. It is officially stated that the operations are proceeding satisfactorily and that the situation is regarded with confidence. The correspondent adds that the population remains calm, and that measures have been taken for the protection of the district. Further reports state that the advance has been resumed along the whole line. London, July 28. The correspondent writes that the position is unchanged. The enemy made repeated attacks upon the front, but everywhere were repulsed with heavy losses. Reinforcements continue to arrive, and the troops are in excellent spirits. It is officially stated that the operations are proceeding satisfactorily and that the situation is regarded with confidence. The correspondent adds that the population remains calm, and that measures have been taken for the protection of the district. Further reports state that the advance has been resumed along the whole line.
POLITICAL GOSSIP.
"CONFIDENTIAL INFORMATION."
London, July 28. The correspondent writes that the position is unchanged. The enemy made repeated attacks upon the front, but everywhere were repulsed with heavy losses. Reinforcements continue to arrive, and the troops are in excellent spirits. It is officially stated that the operations are proceeding satisfactorily and that the situation is regarded with confidence. The correspondent adds that the population remains calm, and that measures have been taken for the protection of the district. Further reports state that the advance has been resumed along the whole line. London, July 28. The correspondent writes that the position is unchanged. The enemy made repeated attacks upon the front, but everywhere were repulsed with heavy losses. Reinforcements continue to arrive, and the troops are in excellent spirits. It is officially stated that the operations are proceeding satisfactorily and that the situation is regarded with confidence. The correspondent adds that the population remains calm, and that measures have been taken for the protection of the district. Further reports state that the advance has been resumed along the whole line. London, July 28. The correspondent writes that the position is unchanged. The enemy made repeated attacks upon the front, but everywhere were repulsed with heavy losses. Reinforcements continue to arrive, and the troops are in excellent spirits. It is officially stated that the operations are proceeding satisfactorily and that the situation is regarded with confidence. The correspondent adds that the population remains calm, and that measures have been taken for the protection of the district. Further reports state that the advance has been resumed along the whole line. London, July 28. The correspondent writes that the position is unchanged. The enemy made repeated attacks upon the front, but everywhere were repulsed with heavy losses. Reinforcements continue to arrive, and the troops are in excellent spirits. It is officially stated that the operations are proceeding satisfactorily and that the situation is regarded with confidence. The correspondent adds that the population remains calm, and that measures have been taken for the protection of the district. Further reports state that the advance has been resumed along the whole line.
PERTAINING TO COALITION.
London, July 28. The correspondent writes that the position is unchanged. The enemy made repeated attacks upon the front, but everywhere were repulsed with heavy losses. Reinforcements continue to arrive, and the troops are in excellent spirits. It is officially stated that the operations are proceeding satisfactorily and that the situation is regarded with confidence. The correspondent adds that the population remains calm, and that measures have been taken for the protection of the district. Further reports state that the advance has been resumed along the whole line. London, July 28. The correspondent writes that the position is unchanged. The enemy made repeated attacks upon the front, but everywhere were repulsed with heavy losses. Reinforcements continue to arrive, and the troops are in excellent spirits. It is officially stated that the operations are proceeding satisfactorily and that the situation is regarded with confidence. The correspondent adds that the population remains calm, and that measures have been taken for the protection of the district. Further reports state that the advance has been resumed along the whole line. London, July 28. The correspondent writes that the position is unchanged. The enemy made repeated attacks upon the front, but everywhere were repulsed with heavy losses. Reinforcements continue to arrive, and the troops are in excellent spirits. It is officially stated that the operations are proceeding satisfactorily and that the situation is regarded with confidence. The correspondent adds that the population remains calm, and that measures have been taken for the protection of the district. Further reports state that the advance has been resumed along the whole line. London, July 28. The correspondent writes that the position is unchanged. The enemy made repeated attacks upon the front, but everywhere were repulsed with heavy losses. Reinforcements continue to arrive, and the troops are in excellent spirits. It is officially stated that the operations are proceeding satisfactorily and that the situation is regarded with confidence. The correspondent adds that the population remains calm, and that measures have been taken for the protection of the district. Further reports state that the advance has been resumed along the whole line.
THE BUDGET.
London, July 28. The correspondent writes that the position is unchanged. The enemy made repeated attacks upon the front, but everywhere were repulsed with heavy losses. Reinforcements continue to arrive, and the troops are in excellent spirits. It is officially stated that the operations are proceeding satisfactorily and that the situation is regarded with confidence. The correspondent adds that the population remains calm, and that measures have been taken for the protection of the district. Further reports state that the advance has been resumed along the whole line. London, July 28. The correspondent writes that the position is unchanged. The enemy made repeated attacks upon the front, but everywhere were repulsed with heavy losses. Reinforcements continue to arrive, and the troops are in excellent spirits. It is officially stated that the operations are proceeding satisfactorily and that the situation is regarded with confidence. The correspondent adds that the population remains calm, and that measures have been taken for the protection of the district. Further reports state that the advance has been resumed along the whole line. London, July 28. The correspondent writes that the position is unchanged. The enemy made repeated attacks upon the front, but everywhere were repulsed with heavy losses. Reinforcements continue to arrive, and the troops are in excellent spirits. It is officially stated that the operations are proceeding satisfactorily and that the situation is regarded with confidence. The correspondent adds that the population remains calm, and that measures have been taken for the protection of the district. Further reports state that the advance has been resumed along the whole line. London, July 28. The correspondent writes that the position is unchanged. The enemy made repeated attacks upon the front, but everywhere were repulsed with heavy losses. Reinforcements continue to arrive, and the troops are in excellent spirits. It is officially stated that the operations are proceeding satisfactorily and that the situation is regarded with confidence. The correspondent adds that the population remains calm, and that measures have been taken for the protection of the district. Further reports state that the advance has been resumed along the whole line.
SIR JOSEPH SCORES.
London, July 28. The correspondent writes that the position is unchanged. The enemy made repeated attacks upon the front, but everywhere were repulsed with heavy losses. Reinforcements continue to arrive, and the troops are in excellent spirits. It is officially stated that the operations are proceeding satisfactorily and that the situation is regarded with confidence. The correspondent adds that the population remains calm, and that measures have been taken for the protection of the district. Further reports state that the advance has been resumed along the whole line. London, July 28. The correspondent writes that the position is unchanged. The enemy made repeated attacks upon the front, but everywhere were repulsed with heavy losses. Reinforcements continue to arrive, and the troops are in excellent spirits. It is officially stated that the operations are proceeding satisfactorily and that the situation is regarded with confidence. The correspondent adds that the population remains calm, and that measures have been taken for the protection of the district. Further reports state that the advance has been resumed along the whole line. London, July 28. The correspondent writes that the position is unchanged. The enemy made repeated attacks upon the front, but everywhere were repulsed with heavy losses. Reinforcements continue to arrive, and the troops are in excellent spirits. It is officially stated that the operations are proceeding satisfactorily and that the situation is regarded with confidence. The correspondent adds that the population remains calm, and that measures have been taken for the protection of the district. Further reports state that the advance has been resumed along the whole line. London, July 28. The correspondent writes that the position is unchanged. The enemy made repeated attacks upon the front, but everywhere were repulsed with heavy losses. Reinforcements continue to arrive, and the troops are in excellent spirits. It is officially stated that the operations are proceeding satisfactorily and that the situation is regarded with confidence. The correspondent adds that the population remains calm, and that measures have been taken for the protection of the district. Further reports state that the advance has been resumed along the whole line.
PRIME MINISTER'S PROMISES.
London, July 28. The correspondent writes that the position is unchanged. The enemy made repeated attacks upon the front, but everywhere were repulsed with heavy losses. Reinforcements continue to arrive, and the troops are in excellent spirits. It is officially stated that the operations are proceeding satisfactorily and that the situation is regarded with confidence. The correspondent adds that the population remains calm, and that measures have been taken for the protection of the district. Further reports state that the advance has been resumed along the whole line. London, July 28. The correspondent writes that the position is unchanged. The enemy made repeated attacks upon the front, but everywhere were repulsed with heavy losses. Reinforcements continue to arrive, and the troops are in excellent spirits. It is officially stated that the operations are proceeding satisfactorily and that the situation is regarded with confidence. The correspondent adds that the population remains calm, and that measures have been taken for the protection of the district. Further reports state that the advance has been resumed along the whole line. London, July 28. The correspondent writes that the position is unchanged. The enemy made repeated attacks upon the front, but everywhere were repulsed with heavy losses. Reinforcements continue to arrive, and the troops are in excellent spirits. It is officially stated that the operations are proceeding satisfactorily and that the situation is regarded with confidence. The correspondent adds that the population remains calm, and that measures have been taken for the protection of the district. Further reports state that the advance has been resumed along the whole line. London, July 28. The correspondent writes that the position is unchanged. The enemy made repeated attacks upon the front, but everywhere were repulsed with heavy losses. Reinforcements continue to arrive, and the troops are in excellent spirits. It is officially stated that the operations are proceeding satisfactorily and that the situation is regarded with confidence. The correspondent adds that the population remains calm, and that measures have been taken for the protection of the district. Further reports state that the advance has been resumed along the whole line.
